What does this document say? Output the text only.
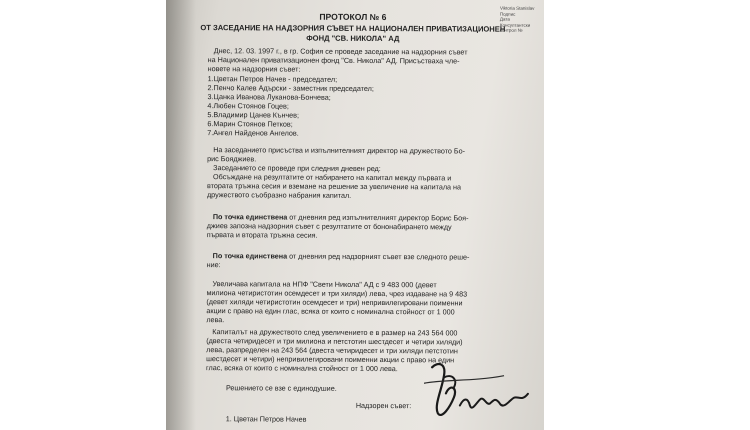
Viktoria Stanislav
Подпис
Дата
Консултантски
контрол №
ПРОТОКОЛ № 6
ОТ ЗАСЕДАНИЕ НА НАДЗОРНИЯ СЪВЕТ НА НАЦИОНАЛЕН ПРИВАТИЗАЦИОНЕН
ФОНД "СВ. НИКОЛА" АД
Днес, 12. 03. 1997 г., в гр. София се проведе заседание на надзорния съвет
на Национален приватизационен фонд "Св. Никола" АД. Присъстваха чле-
новете на надзорния съвет:
1.Цветан Петров Начев - председател;
2.Пенчо Калев Адърски - заместник председател;
3.Цанка Иванова Луканова-Бончева;
4.Любен Стоянов Гоцев;
5.Владимир Цанев Кънчев;
6.Марин Стоянов Петков;
7.Ангел Найденов Ангелов.
На заседанието присъства и изпълнителният директор на дружеството Бо-
рис Бояджиев.
Заседанието се проведе при следния дневен ред:
Обсъждане на резултатите от набирането на капитал между първата и
втората тръжна сесия и вземане на решение за увеличение на капитала на
дружеството съобразно набрания капитал.
По точка единствена от дневния ред изпълнителният директор Борис Боя-
джиев запозна надзорния съвет с резултатите от бононабирането между
първата и втората тръжна сесия.
По точка единствена от дневния ред надзорният съвет взе следното реше-
ние:
Увеличава капитала на НПФ "Свети Никола" АД с 9 483 000 (девет
милиона четиристотин осемдесет и три хиляди) лева, чрез издаване на 9 483
(девет хиляди четиристотин осемдесет и три) непривилегировани поименни
акции с право на един глас, всяка от които с номинална стойност от 1 000
лева.
Капиталът на дружеството след увеличението е в размер на 243 564 000
(двеста четиридесет и три милиона и петстотин шестдесет и четири хиляди)
лева, разпределен на 243 564 (двеста четиридесет и три хиляди петстотин
шестдесет и четири) непривилегировани поименни акции с право на един
глас, всяка от които с номинална стойност от 1 000 лева.
Решението се взе с единодушие.
Надзорен съвет:
1. Цветан Петров Начев
